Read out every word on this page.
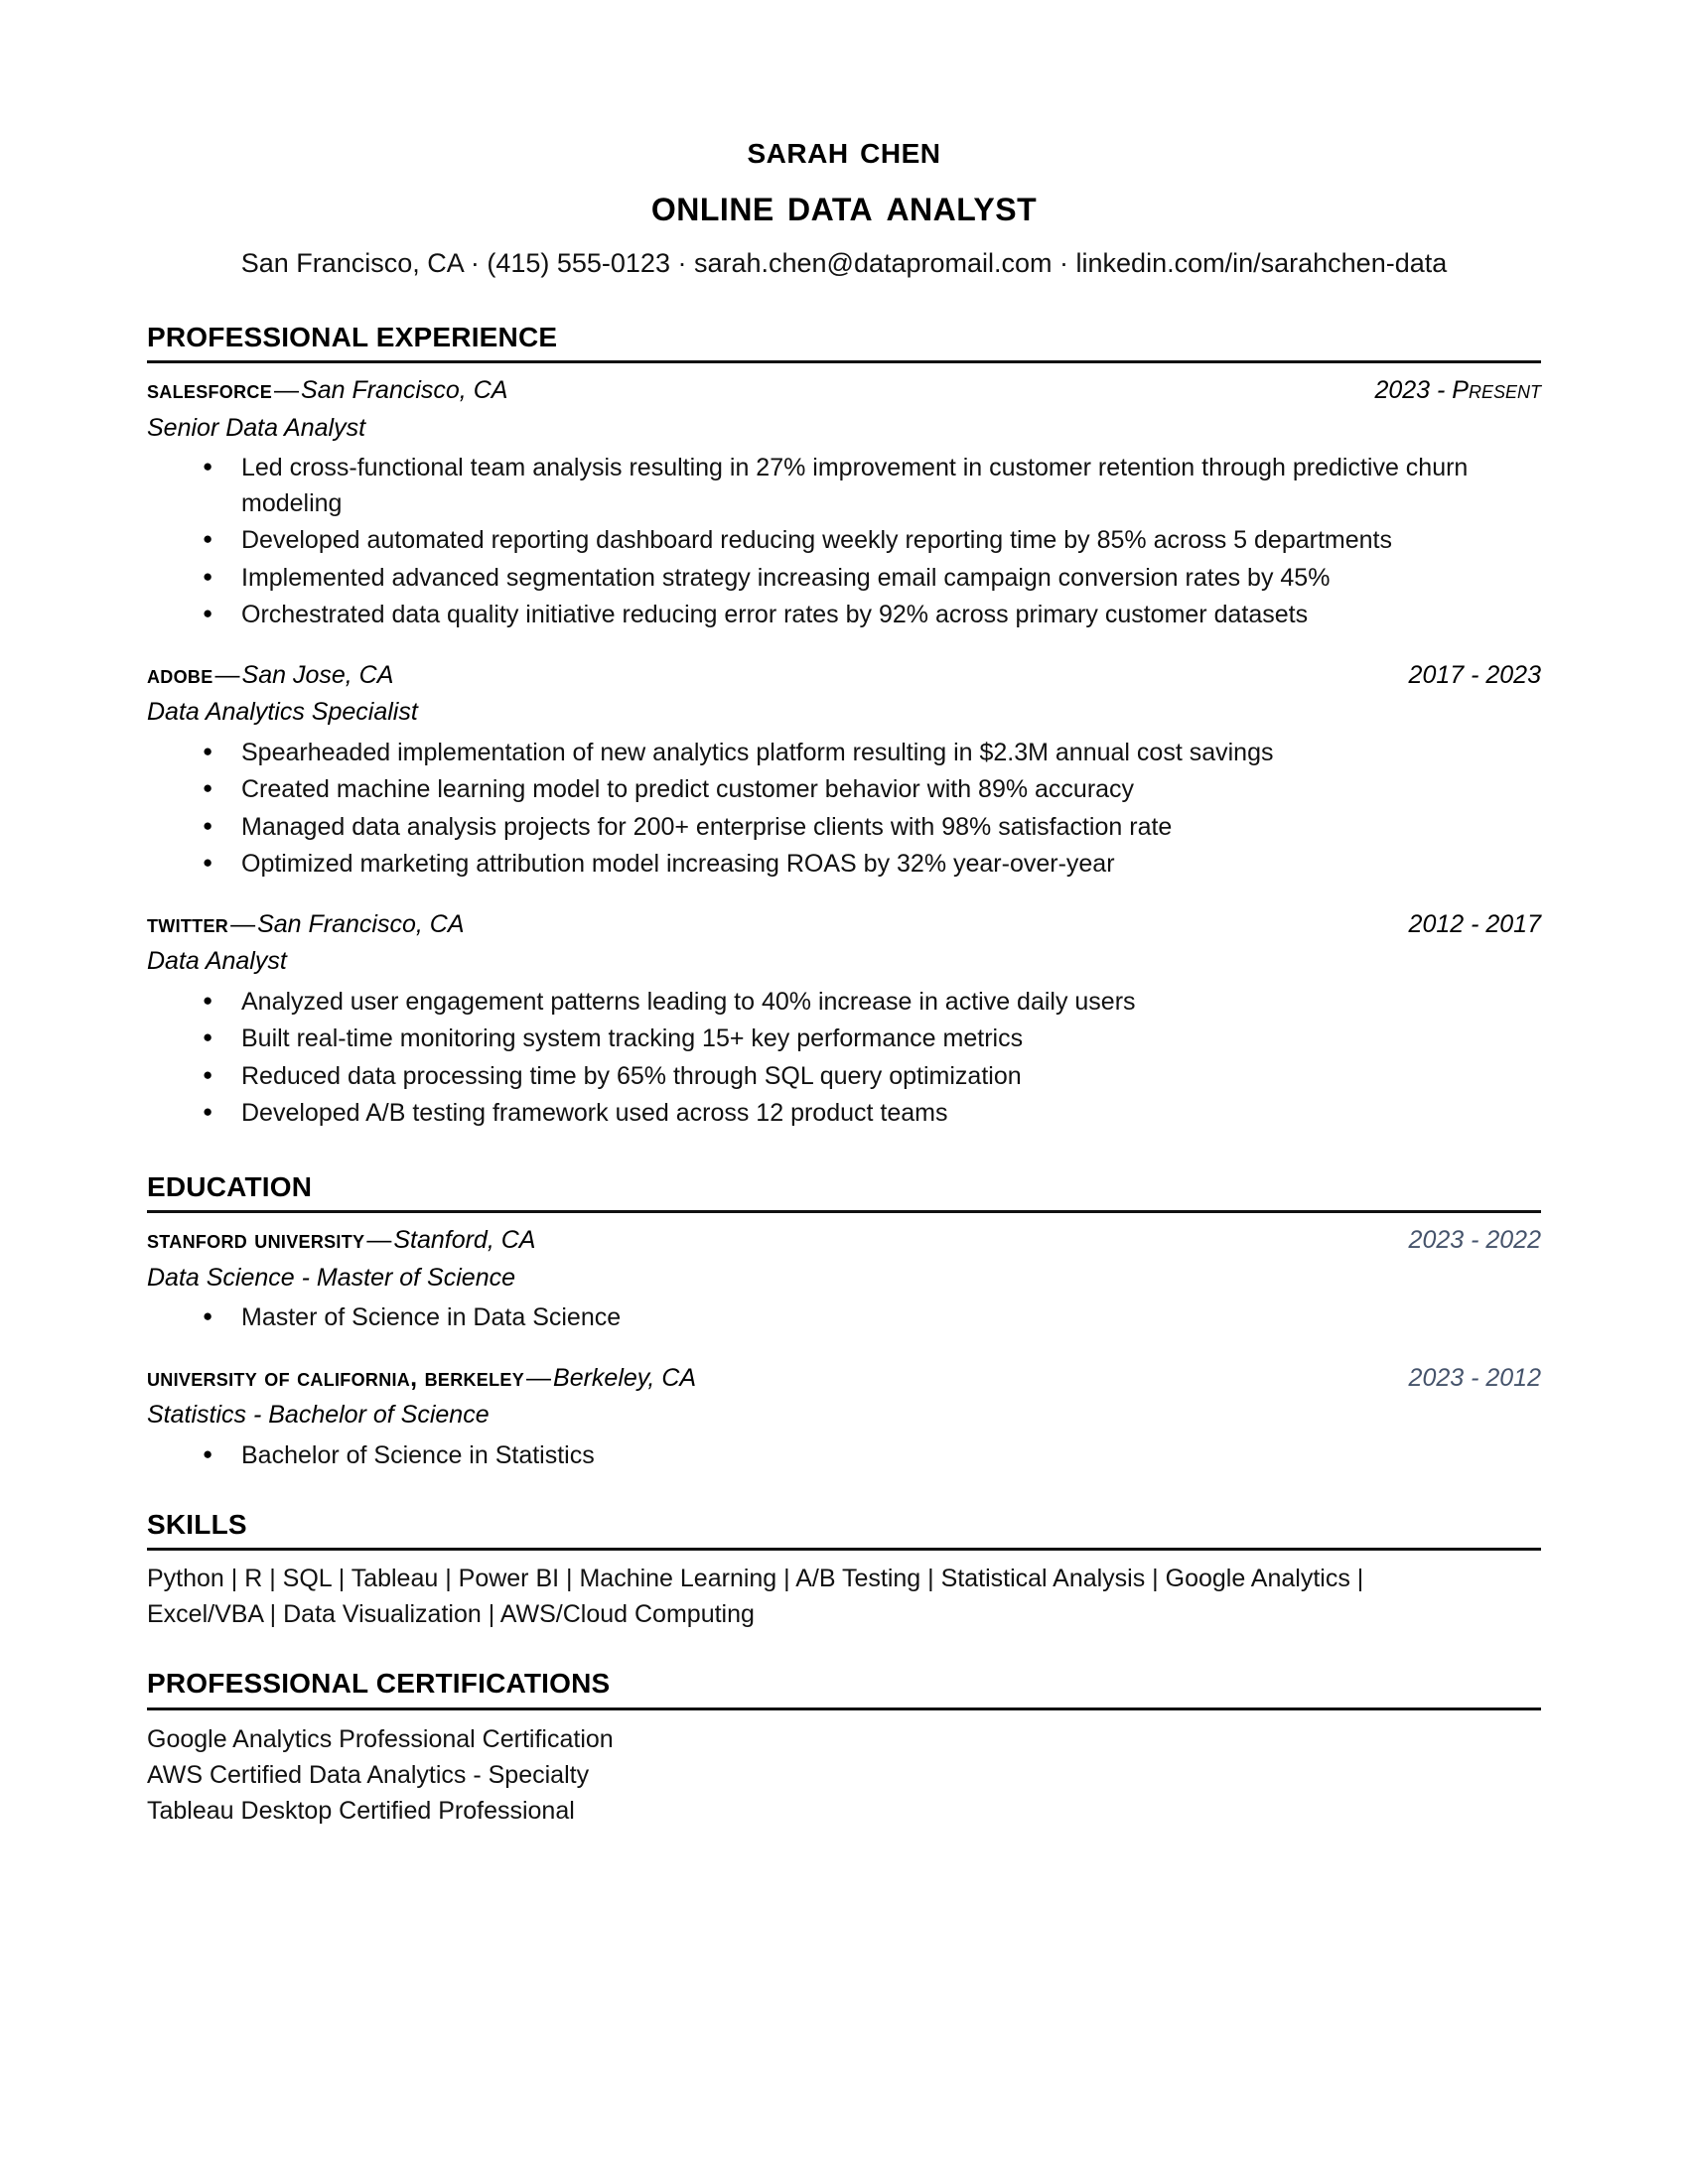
sarah chen
online data analyst
San Francisco, CA · (415) 555-0123 · sarah.chen@datapromail.com · linkedin.com/in/sarahchen-data
PROFESSIONAL EXPERIENCE
salesforce—San Francisco, CA	2023 - Present
Senior Data Analyst
● Led cross-functional team analysis resulting in 27% improvement in customer retention through predictive churn modeling
● Developed automated reporting dashboard reducing weekly reporting time by 85% across 5 departments
● Implemented advanced segmentation strategy increasing email campaign conversion rates by 45%
● Orchestrated data quality initiative reducing error rates by 92% across primary customer datasets
adobe—San Jose, CA	2017 - 2023
Data Analytics Specialist
● Spearheaded implementation of new analytics platform resulting in $2.3M annual cost savings
● Created machine learning model to predict customer behavior with 89% accuracy
● Managed data analysis projects for 200+ enterprise clients with 98% satisfaction rate
● Optimized marketing attribution model increasing ROAS by 32% year-over-year
twitter—San Francisco, CA	2012 - 2017
Data Analyst
● Analyzed user engagement patterns leading to 40% increase in active daily users
● Built real-time monitoring system tracking 15+ key performance metrics
● Reduced data processing time by 65% through SQL query optimization
● Developed A/B testing framework used across 12 product teams
EDUCATION
stanford university—Stanford, CA	2023 - 2022
Data Science - Master of Science
● Master of Science in Data Science
university of california, berkeley—Berkeley, CA	2023 - 2012
Statistics - Bachelor of Science
● Bachelor of Science in Statistics
SKILLS
Python | R | SQL | Tableau | Power BI | Machine Learning | A/B Testing | Statistical Analysis | Google Analytics | Excel/VBA | Data Visualization | AWS/Cloud Computing
PROFESSIONAL CERTIFICATIONS
Google Analytics Professional Certification
AWS Certified Data Analytics - Specialty
Tableau Desktop Certified Professional
